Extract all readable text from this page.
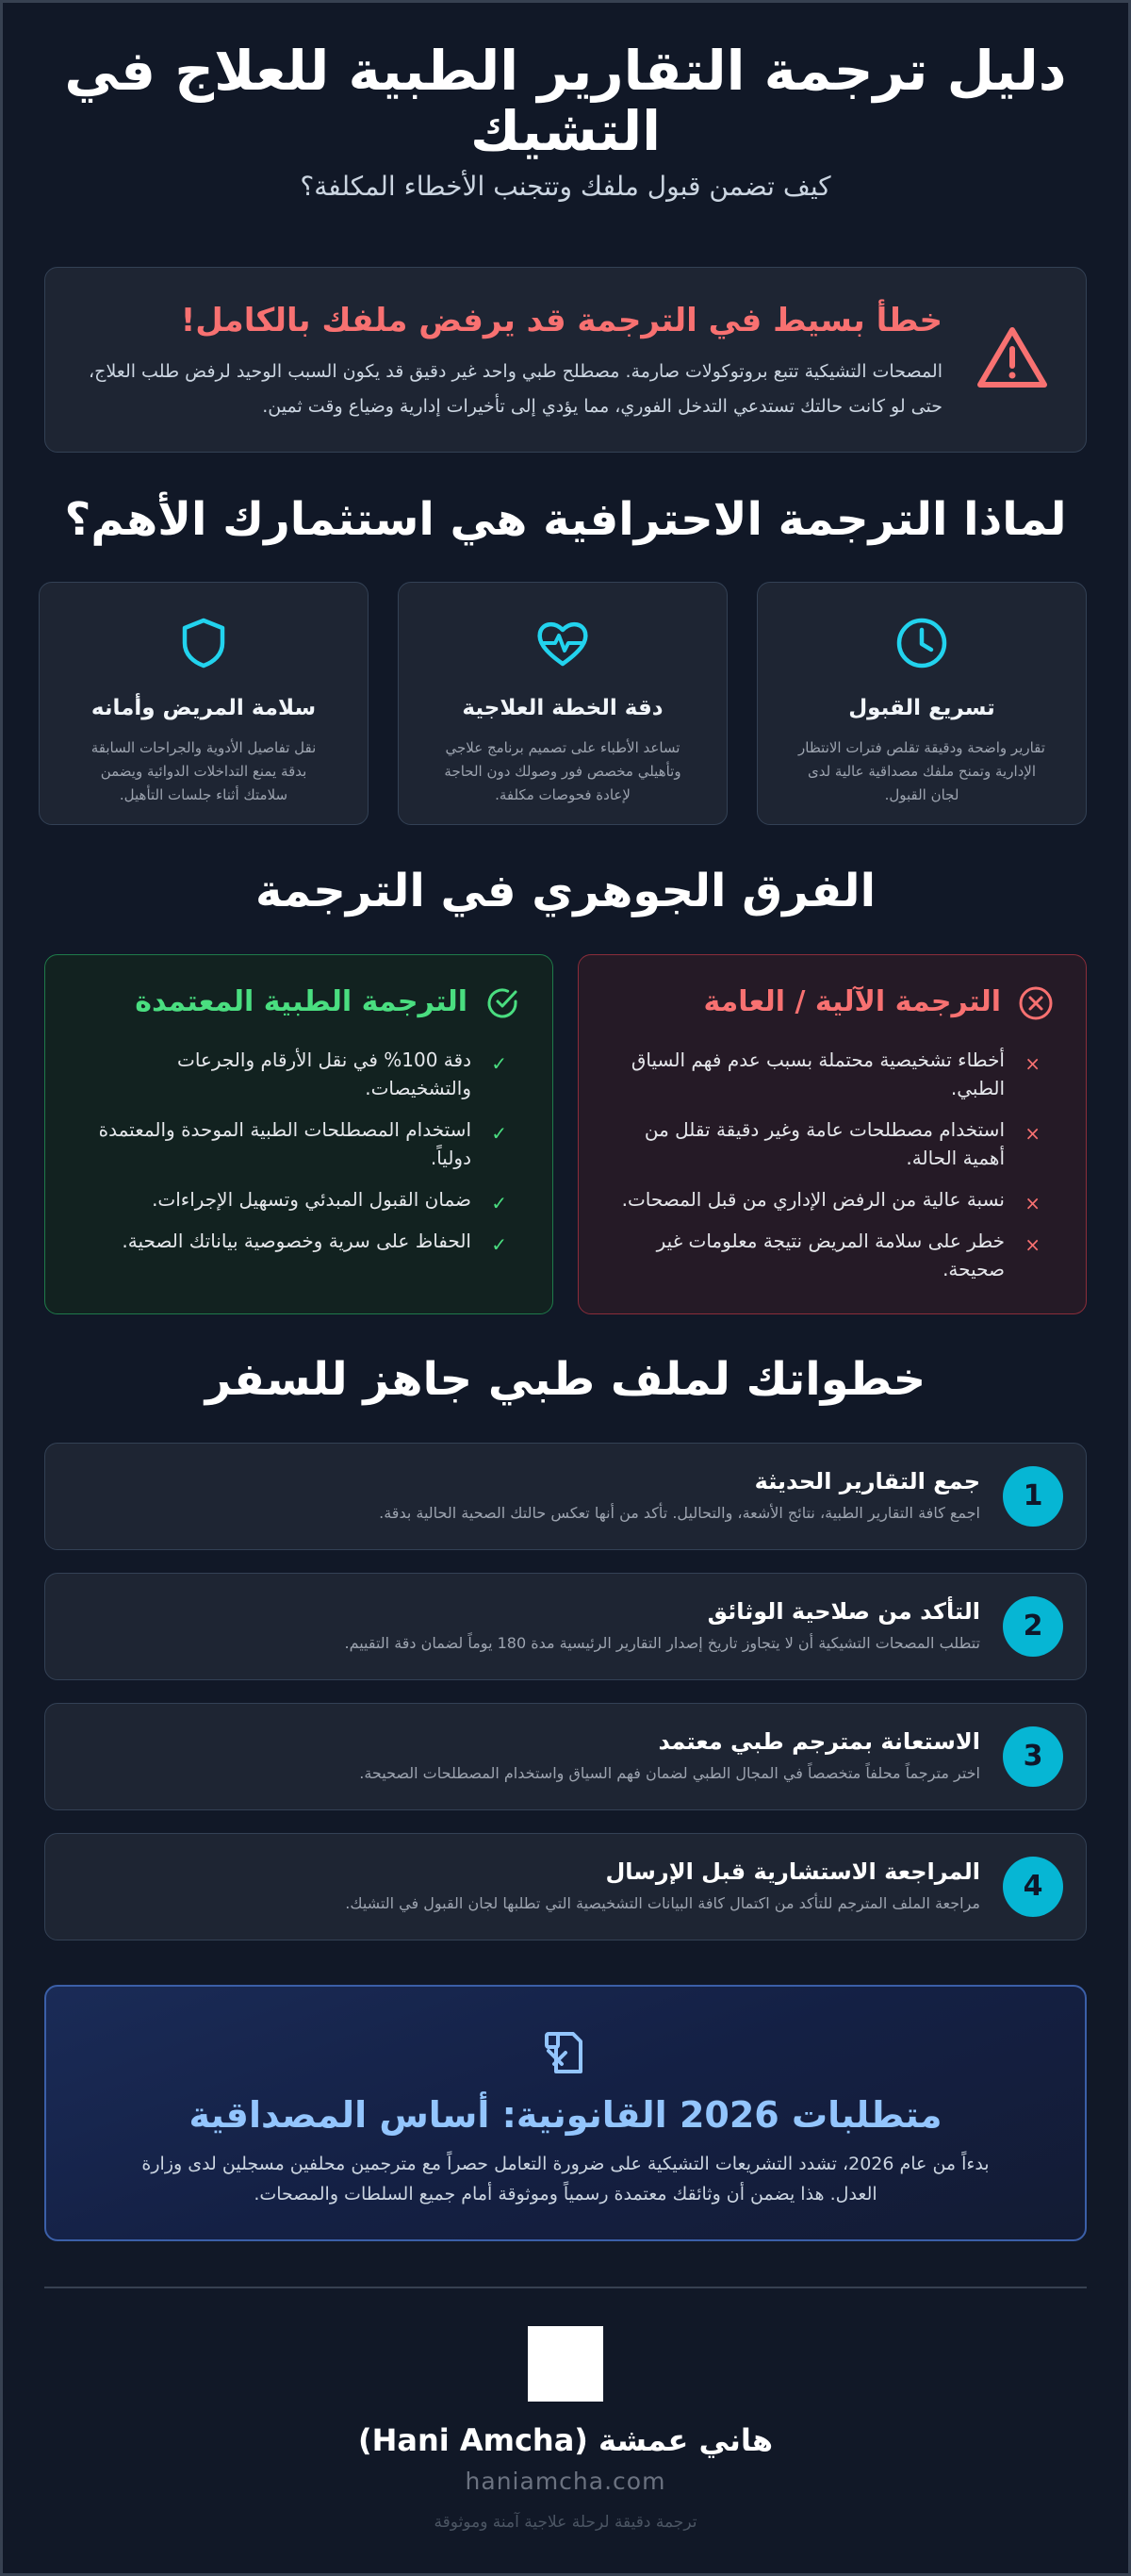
دليل ترجمة التقارير الطبية للعلاج في التشيك

كيف تضمن قبول ملفك وتتجنب الأخطاء المكلفة؟

خطأ بسيط في الترجمة قد يرفض ملفك بالكامل!

المصحات التشيكية تتبع بروتوكولات صارمة. مصطلح طبي واحد غير دقيق قد يكون السبب الوحيد لرفض طلب العلاج، حتى لو كانت حالتك تستدعي التدخل الفوري، مما يؤدي إلى تأخيرات إدارية وضياع وقت ثمين.

لماذا الترجمة الاحترافية هي استثمارك الأهم؟
تسريع القبول
تقارير واضحة ودقيقة تقلص فترات الانتظار الإدارية وتمنح ملفك مصداقية عالية لدى لجان القبول.
دقة الخطة العلاجية
تساعد الأطباء على تصميم برنامج علاجي وتأهيلي مخصص فور وصولك دون الحاجة لإعادة فحوصات مكلفة.
سلامة المريض وأمانه
نقل تفاصيل الأدوية والجراحات السابقة بدقة يمنع التداخلات الدوائية ويضمن سلامتك أثناء جلسات التأهيل.
الفرق الجوهري في الترجمة
الترجمة الآلية / العامة
×
أخطاء تشخيصية محتملة بسبب عدم فهم السياق الطبي.
×
استخدام مصطلحات عامة وغير دقيقة تقلل من أهمية الحالة.
×
نسبة عالية من الرفض الإداري من قبل المصحات.
×
خطر على سلامة المريض نتيجة معلومات غير صحيحة.
الترجمة الطبية المعتمدة
✓
دقة 100% في نقل الأرقام والجرعات والتشخيصات.
✓
استخدام المصطلحات الطبية الموحدة والمعتمدة دولياً.
✓
ضمان القبول المبدئي وتسهيل الإجراءات.
✓
الحفاظ على سرية وخصوصية بياناتك الصحية.
خطواتك لملف طبي جاهز للسفر
1
جمع التقارير الحديثة
اجمع كافة التقارير الطبية، نتائج الأشعة، والتحاليل. تأكد من أنها تعكس حالتك الصحية الحالية بدقة.
2
التأكد من صلاحية الوثائق
تتطلب المصحات التشيكية أن لا يتجاوز تاريخ إصدار التقارير الرئيسية مدة 180 يوماً لضمان دقة التقييم.
3
الاستعانة بمترجم طبي معتمد
اختر مترجماً محلفاً متخصصاً في المجال الطبي لضمان فهم السياق واستخدام المصطلحات الصحيحة.
4
المراجعة الاستشارية قبل الإرسال
مراجعة الملف المترجم للتأكد من اكتمال كافة البيانات التشخيصية التي تطلبها لجان القبول في التشيك.
متطلبات 2026 القانونية: أساس المصداقية

بدءاً من عام 2026، تشدد التشريعات التشيكية على ضرورة التعامل حصراً مع مترجمين محلفين مسجلين لدى وزارة العدل. هذا يضمن أن وثائقك معتمدة رسمياً وموثوقة أمام جميع السلطات والمصحات.

هاني عمشة (Hani Amcha)
haniamcha.com
ترجمة دقيقة لرحلة علاجية آمنة وموثوقة
